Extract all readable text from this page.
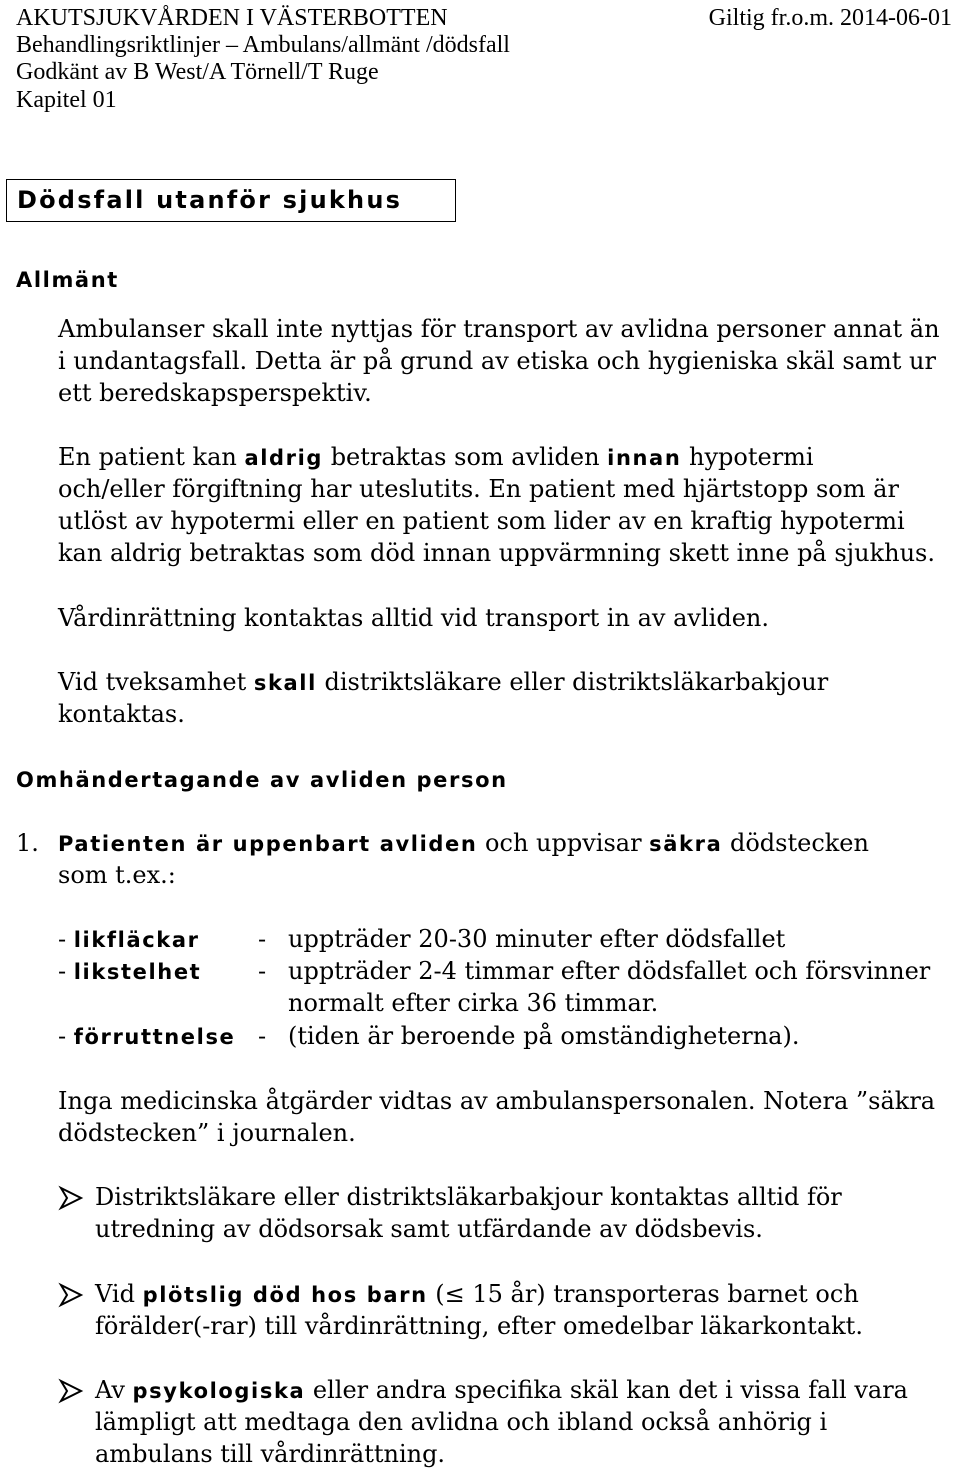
AKUTSJUKVÅRDEN I VÄSTERBOTTEN	Giltig fr.o.m. 2014-06-01
Behandlingsriktlinjer – Ambulans/allmänt /dödsfall
Godkänt av B West/A Törnell/T Ruge
Kapitel 01
Dödsfall utanför sjukhus
Allmänt
Ambulanser skall inte nyttjas för transport av avlidna personer annat än
i undantagsfall. Detta är på grund av etiska och hygieniska skäl samt ur
ett beredskapsperspektiv.
En patient kan aldrig betraktas som avliden innan hypotermi
och/eller förgiftning har uteslutits. En patient med hjärtstopp som är
utlöst av hypotermi eller en patient som lider av en kraftig hypotermi
kan aldrig betraktas som död innan uppvärmning skett inne på sjukhus.
Vårdinrättning kontaktas alltid vid transport in av avliden.
Vid tveksamhet skall distriktsläkare eller distriktsläkarbakjour
kontaktas.
Omhändertagande av avliden person
1. Patienten är uppenbart avliden och uppvisar säkra dödstecken
som t.ex.:
- likfläckar - uppträder 20-30 minuter efter dödsfallet
- likstelhet - uppträder 2-4 timmar efter dödsfallet och försvinner
normalt efter cirka 36 timmar.
- förruttnelse - (tiden är beroende på omständigheterna).
Inga medicinska åtgärder vidtas av ambulanspersonalen. Notera ”säkra
dödstecken” i journalen.
Distriktsläkare eller distriktsläkarbakjour kontaktas alltid för
utredning av dödsorsak samt utfärdande av dödsbevis.
Vid plötslig död hos barn (≤ 15 år) transporteras barnet och
förälder(-rar) till vårdinrättning, efter omedelbar läkarkontakt.
Av psykologiska eller andra specifika skäl kan det i vissa fall vara
lämpligt att medtaga den avlidna och ibland också anhörig i
ambulans till vårdinrättning.
